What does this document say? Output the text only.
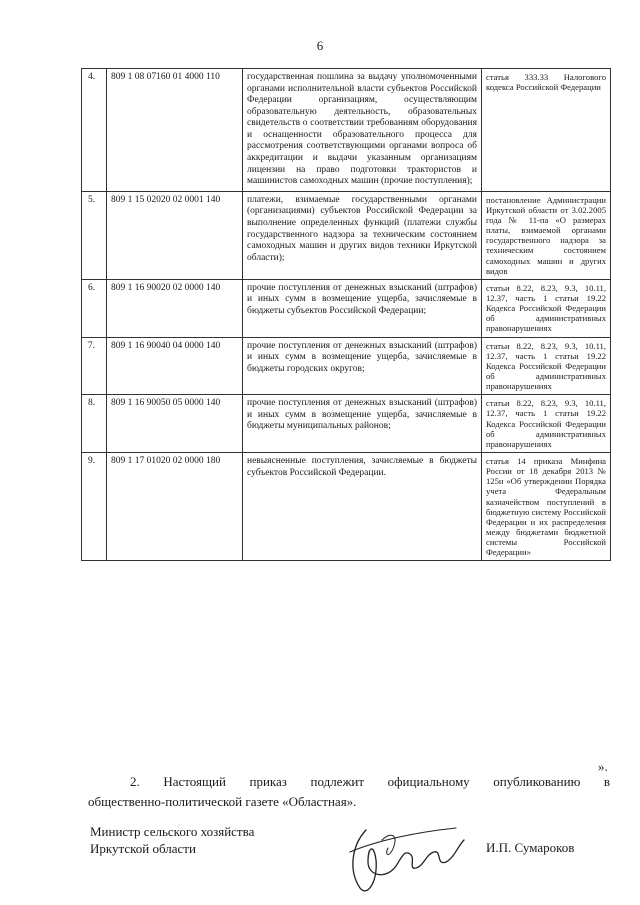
6
4.	809 1 08 07160 01 4000 110	государственная пошлина за выдачу уполномоченными органами исполнительной власти субъектов Российской Федерации организациям, осуществляющим образовательную деятельность, образовательных свидетельств о соответствии требованиям оборудования и оснащенности образовательного процесса для рассмотрения соответствующими органами вопроса об аккредитации и выдачи указанным организациям лицензии на право подготовки трактористов и машинистов самоходных машин (прочие поступления);	статья 333.33 Налогового кодекса Российской Федерации
5.	809 1 15 02020 02 0001 140	платежи, взимаемые государственными органами (организациями) субъектов Российской Федерации за выполнение определенных функций (платежи службы государственного надзора за техническим состоянием самоходных машин и других видов техники Иркутской области);	постановление Администрации Иркутской области от 3.02.2005 года № 11-па «О размерах платы, взимаемой органами государственного надзора за техническим состоянием самоходных машин и других видов
6.	809 1 16 90020 02 0000 140	прочие поступления от денежных взысканий (штрафов) и иных сумм в возмещение ущерба, зачисляемые в бюджеты субъектов Российской Федерации;	статьи 8.22, 8.23, 9.3, 10.11, 12.37, часть 1 статьи 19.22 Кодекса Российской Федерации об административных правонарушениях
7.	809 1 16 90040 04 0000 140	прочие поступления от денежных взысканий (штрафов) и иных сумм в возмещение ущерба, зачисляемые в бюджеты городских округов;	статьи 8.22, 8.23, 9.3, 10.11, 12.37, часть 1 статьи 19.22 Кодекса Российской Федерации об административных правонарушениях
8.	809 1 16 90050 05 0000 140	прочие поступления от денежных взысканий (штрафов) и иных сумм в возмещение ущерба, зачисляемые в бюджеты муниципальных районов;	статьи 8.22, 8.23, 9.3, 10.11, 12.37, часть 1 статьи 19.22 Кодекса Российской Федерации об административных правонарушениях
9.	809 1 17 01020 02 0000 180	невыясненные поступления, зачисляемые в бюджеты субъектов Российской Федерации.	статья 14 приказа Минфина России от 18 декабря 2013 № 125н «Об утверждении Порядка учета Федеральным казначейством поступлений в бюджетную систему Российской Федерации и их распределения между бюджетами бюджетной системы Российской Федерации»
».
2. Настоящий приказ подлежит официальному опубликованию в
общественно-политической газете «Областная».
Министр сельского хозяйства
Иркутской области	И.П. Сумароков
